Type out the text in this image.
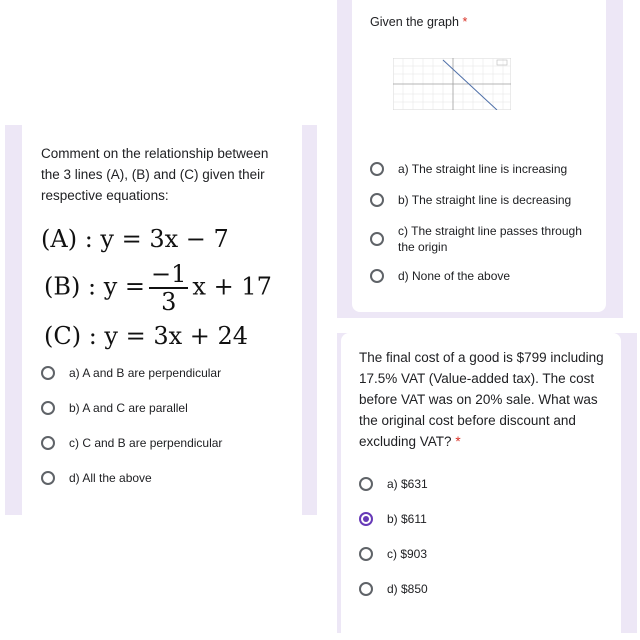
Given the graph *
a) The straight line is increasing
b) The straight line is decreasing
c) The straight line passes through the origin
d) None of the above
Comment on the relationship between the 3 lines (A), (B) and (C) given their respective equations:
(A) : y = 3x − 7
(B) : $y = \frac{-1}{3}$ x + 17
(C) : y = 3x + 24
a) A and B are perpendicular
b) A and C are parallel
c) C and B are perpendicular
d) All the above
The final cost of a good is $799 including 17.5% VAT (Value-added tax). The cost before VAT was on 20% sale. What was the original cost before discount and excluding VAT? *
a) $631
b) $611
c) $903
d) $850
